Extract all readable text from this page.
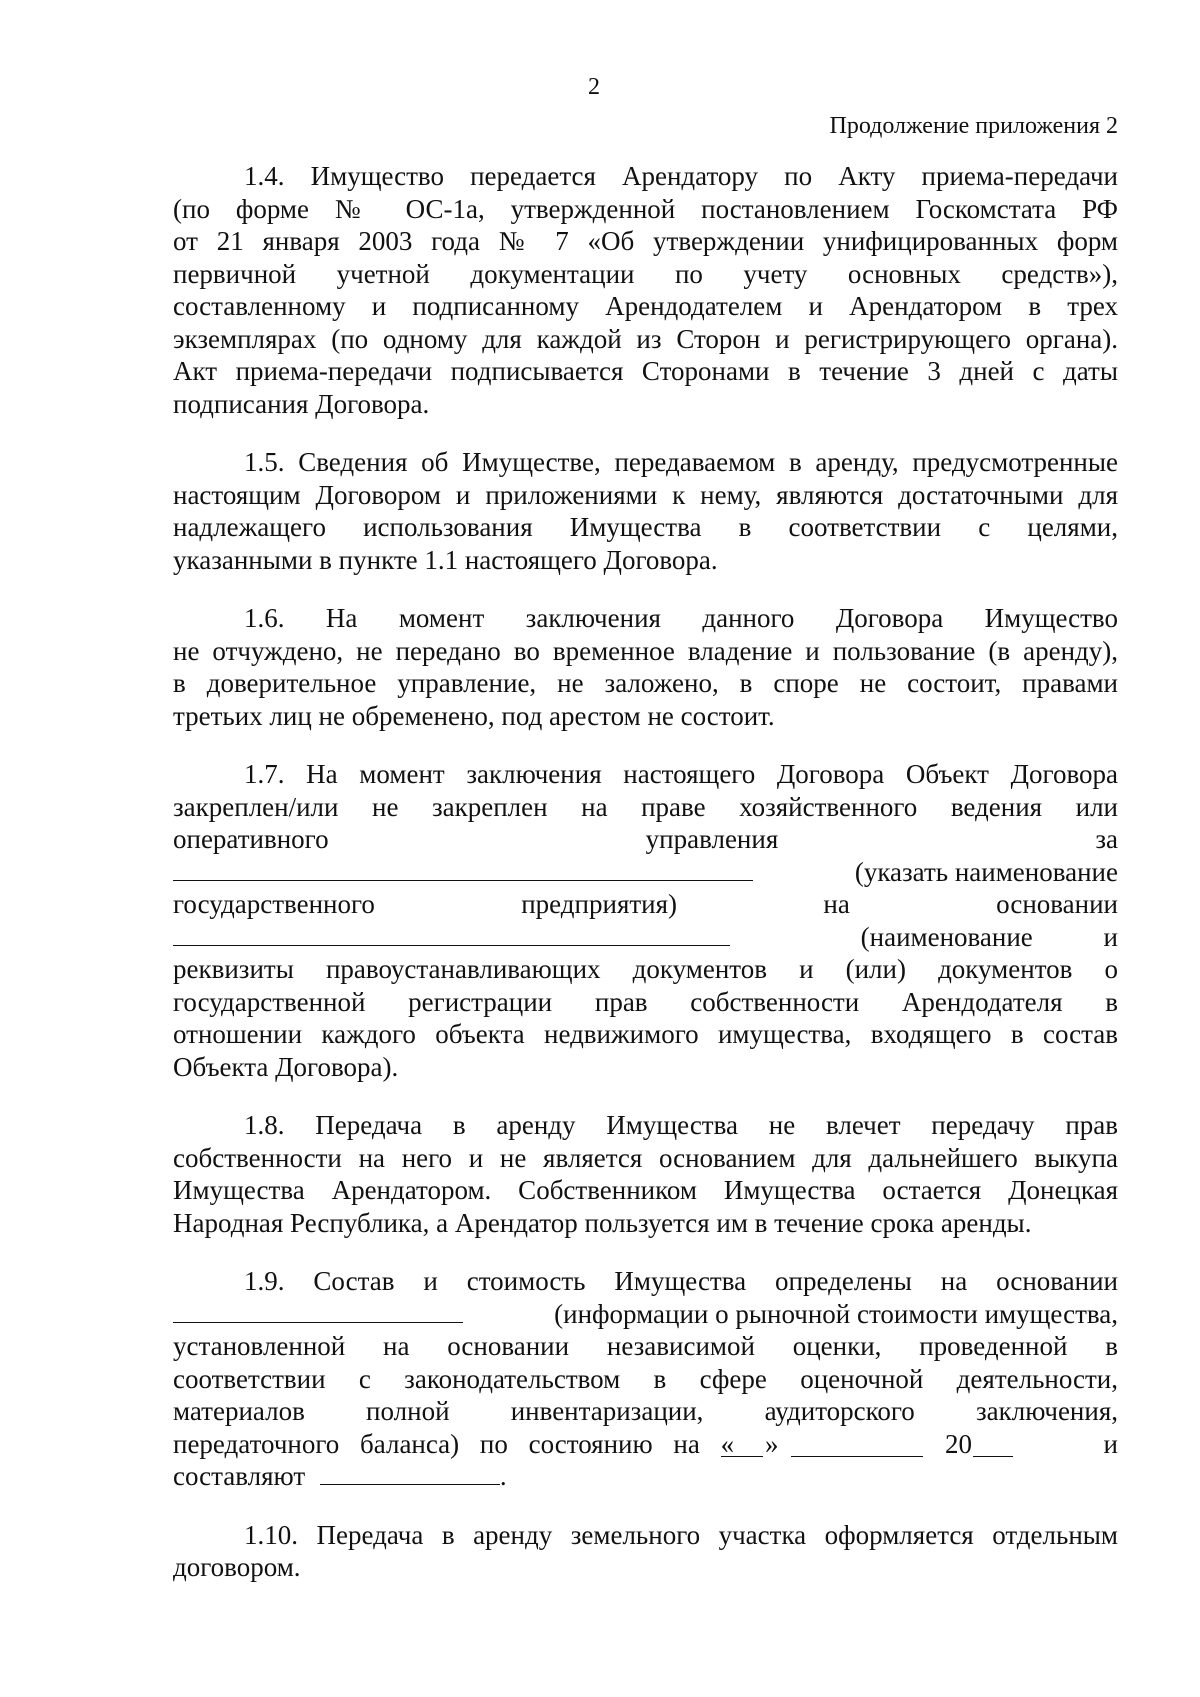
2
Продолжение приложения 2
1.4. Имущество передается Арендатору по Акту приема-передачи
(по форме № ОС-1а, утвержденной постановлением Госкомстата РФ
от 21 января 2003 года № 7 «Об утверждении унифицированных форм
первичной учетной документации по учету основных средств»),
составленному и подписанному Арендодателем и Арендатором в трех
экземплярах (по одному для каждой из Сторон и регистрирующего органа).
Акт приема-передачи подписывается Сторонами в течение 3 дней с даты
подписания Договора.
1.5. Сведения об Имуществе, передаваемом в аренду, предусмотренные
настоящим Договором и приложениями к нему, являются достаточными для
надлежащего использования Имущества в соответствии с целями,
указанными в пункте 1.1 настоящего Договора.
1.6. На момент заключения данного Договора Имущество
не отчуждено, не передано во временное владение и пользование (в аренду),
в доверительное управление, не заложено, в споре не состоит, правами
третьих лиц не обременено, под арестом не состоит.
1.7. На момент заключения настоящего Договора Объект Договора
закреплен/или не закреплен на праве хозяйственного ведения или
оперативного управления за
(указать наименование
государственного предприятия) на основании
(наименование и
реквизиты правоустанавливающих документов и (или) документов о
государственной регистрации прав собственности Арендодателя в
отношении каждого объекта недвижимого имущества, входящего в состав
Объекта Договора).
1.8. Передача в аренду Имущества не влечет передачу прав
собственности на него и не является основанием для дальнейшего выкупа
Имущества Арендатором. Собственником Имущества остается Донецкая
Народная Республика, а Арендатор пользуется им в течение срока аренды.
1.9. Состав и стоимость Имущества определены на основании
(информации о рыночной стоимости имущества,
установленной на основании независимой оценки, проведенной в
соответствии с законодательством в сфере оценочной деятельности,
материалов полной инвентаризации, аудиторского заключения,
передаточного баланса) по состоянию на « »	20	и
составляют	.
1.10. Передача в аренду земельного участка оформляется отдельным
договором.
